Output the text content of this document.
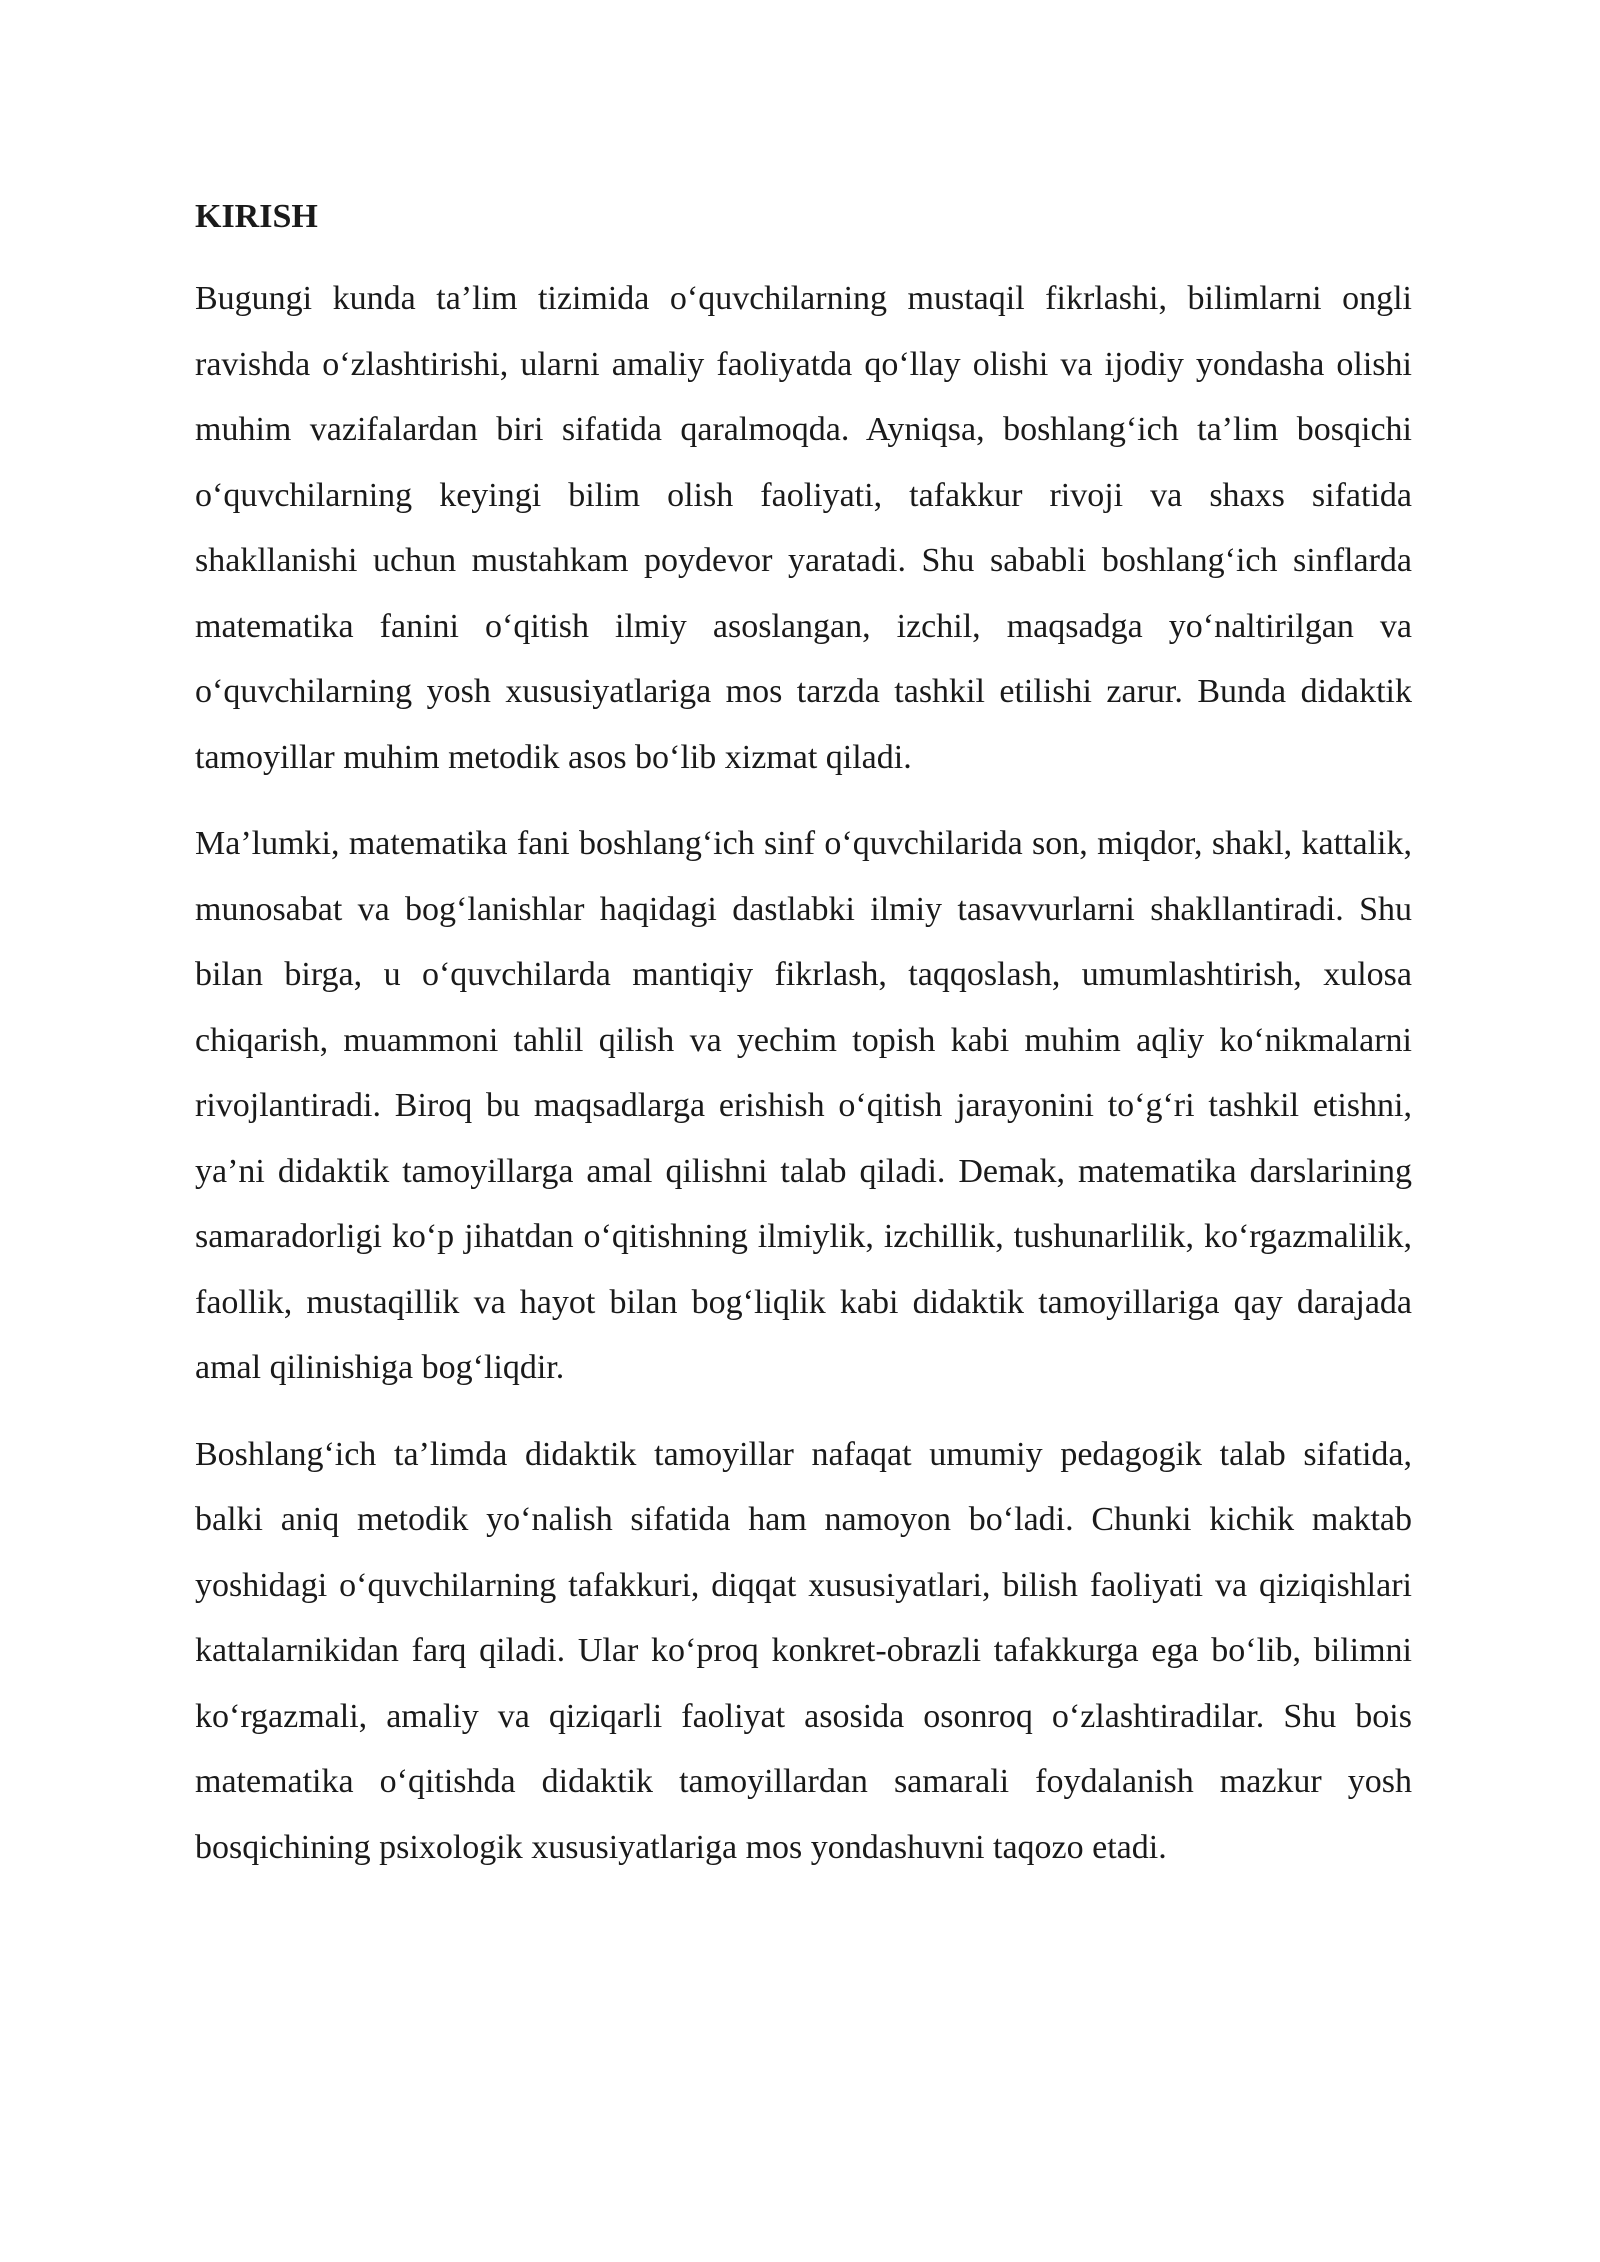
KIRISH

Bugungi kunda ta’lim tizimida o‘quvchilarning mustaqil fikrlashi, bilimlarni ongli ravishda o‘zlashtirishi, ularni amaliy faoliyatda qo‘llay olishi va ijodiy yondasha olishi muhim vazifalardan biri sifatida qaralmoqda. Ayniqsa, boshlang‘ich ta’lim bosqichi o‘quvchilarning keyingi bilim olish faoliyati, tafakkur rivoji va shaxs sifatida shakllanishi uchun mustahkam poydevor yaratadi. Shu sababli boshlang‘ich sinflarda matematika fanini o‘qitish ilmiy asoslangan, izchil, maqsadga yo‘naltirilgan va o‘quvchilarning yosh xususiyatlariga mos tarzda tashkil etilishi zarur. Bunda didaktik tamoyillar muhim metodik asos bo‘lib xizmat qiladi.

Ma’lumki, matematika fani boshlang‘ich sinf o‘quvchilarida son, miqdor, shakl, kattalik, munosabat va bog‘lanishlar haqidagi dastlabki ilmiy tasavvurlarni shakllantiradi. Shu bilan birga, u o‘quvchilarda mantiqiy fikrlash, taqqoslash, umumlashtirish, xulosa chiqarish, muammoni tahlil qilish va yechim topish kabi muhim aqliy ko‘nikmalarni rivojlantiradi. Biroq bu maqsadlarga erishish o‘qitish jarayonini to‘g‘ri tashkil etishni, ya’ni didaktik tamoyillarga amal qilishni talab qiladi. Demak, matematika darslarining samaradorligi ko‘p jihatdan o‘qitishning ilmiylik, izchillik, tushunarlilik, ko‘rgazmalilik, faollik, mustaqillik va hayot bilan bog‘liqlik kabi didaktik tamoyillariga qay darajada amal qilinishiga bog‘liqdir.

Boshlang‘ich ta’limda didaktik tamoyillar nafaqat umumiy pedagogik talab sifatida, balki aniq metodik yo‘nalish sifatida ham namoyon bo‘ladi. Chunki kichik maktab yoshidagi o‘quvchilarning tafakkuri, diqqat xususiyatlari, bilish faoliyati va qiziqishlari kattalarnikidan farq qiladi. Ular ko‘proq konkret-obrazli tafakkurga ega bo‘lib, bilimni ko‘rgazmali, amaliy va qiziqarli faoliyat asosida osonroq o‘zlashtiradilar. Shu bois matematika o‘qitishda didaktik tamoyillardan samarali foydalanish mazkur yosh bosqichining psixologik xususiyatlariga mos yondashuvni taqozo etadi.
